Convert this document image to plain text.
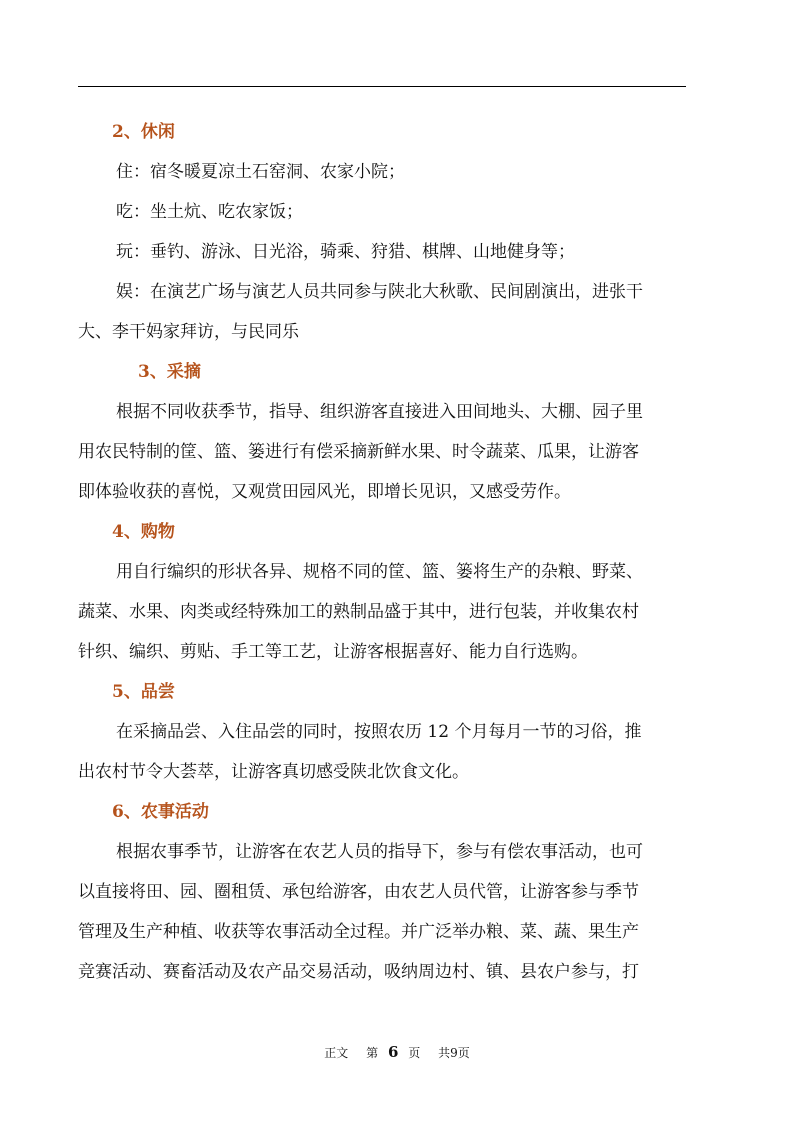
2、休闲
住：宿冬暖夏凉土石窑洞、农家小院；
吃：坐土炕、吃农家饭；
玩：垂钓、游泳、日光浴，骑乘、狩猎、棋牌、山地健身等；
娱：在演艺广场与演艺人员共同参与陕北大秋歌、民间剧演出，进张干
大、李干妈家拜访，与民同乐
3、采摘
根据不同收获季节，指导、组织游客直接进入田间地头、大棚、园子里
用农民特制的筐、篮、篓进行有偿采摘新鲜水果、时令蔬菜、瓜果，让游客
即体验收获的喜悦，又观赏田园风光，即增长见识，又感受劳作。
4、购物
用自行编织的形状各异、规格不同的筐、篮、篓将生产的杂粮、野菜、
蔬菜、水果、肉类或经特殊加工的熟制品盛于其中，进行包装，并收集农村
针织、编织、剪贴、手工等工艺，让游客根据喜好、能力自行选购。
5、品尝
在采摘品尝、入住品尝的同时，按照农历 12 个月每月一节的习俗，推
出农村节令大荟萃，让游客真切感受陕北饮食文化。
6、农事活动
根据农事季节，让游客在农艺人员的指导下，参与有偿农事活动，也可
以直接将田、园、圈租赁、承包给游客，由农艺人员代管，让游客参与季节
管理及生产种植、收获等农事活动全过程。并广泛举办粮、菜、蔬、果生产
竞赛活动、赛畜活动及农产品交易活动，吸纳周边村、镇、县农户参与，打
正文 第 6 页 共9页
